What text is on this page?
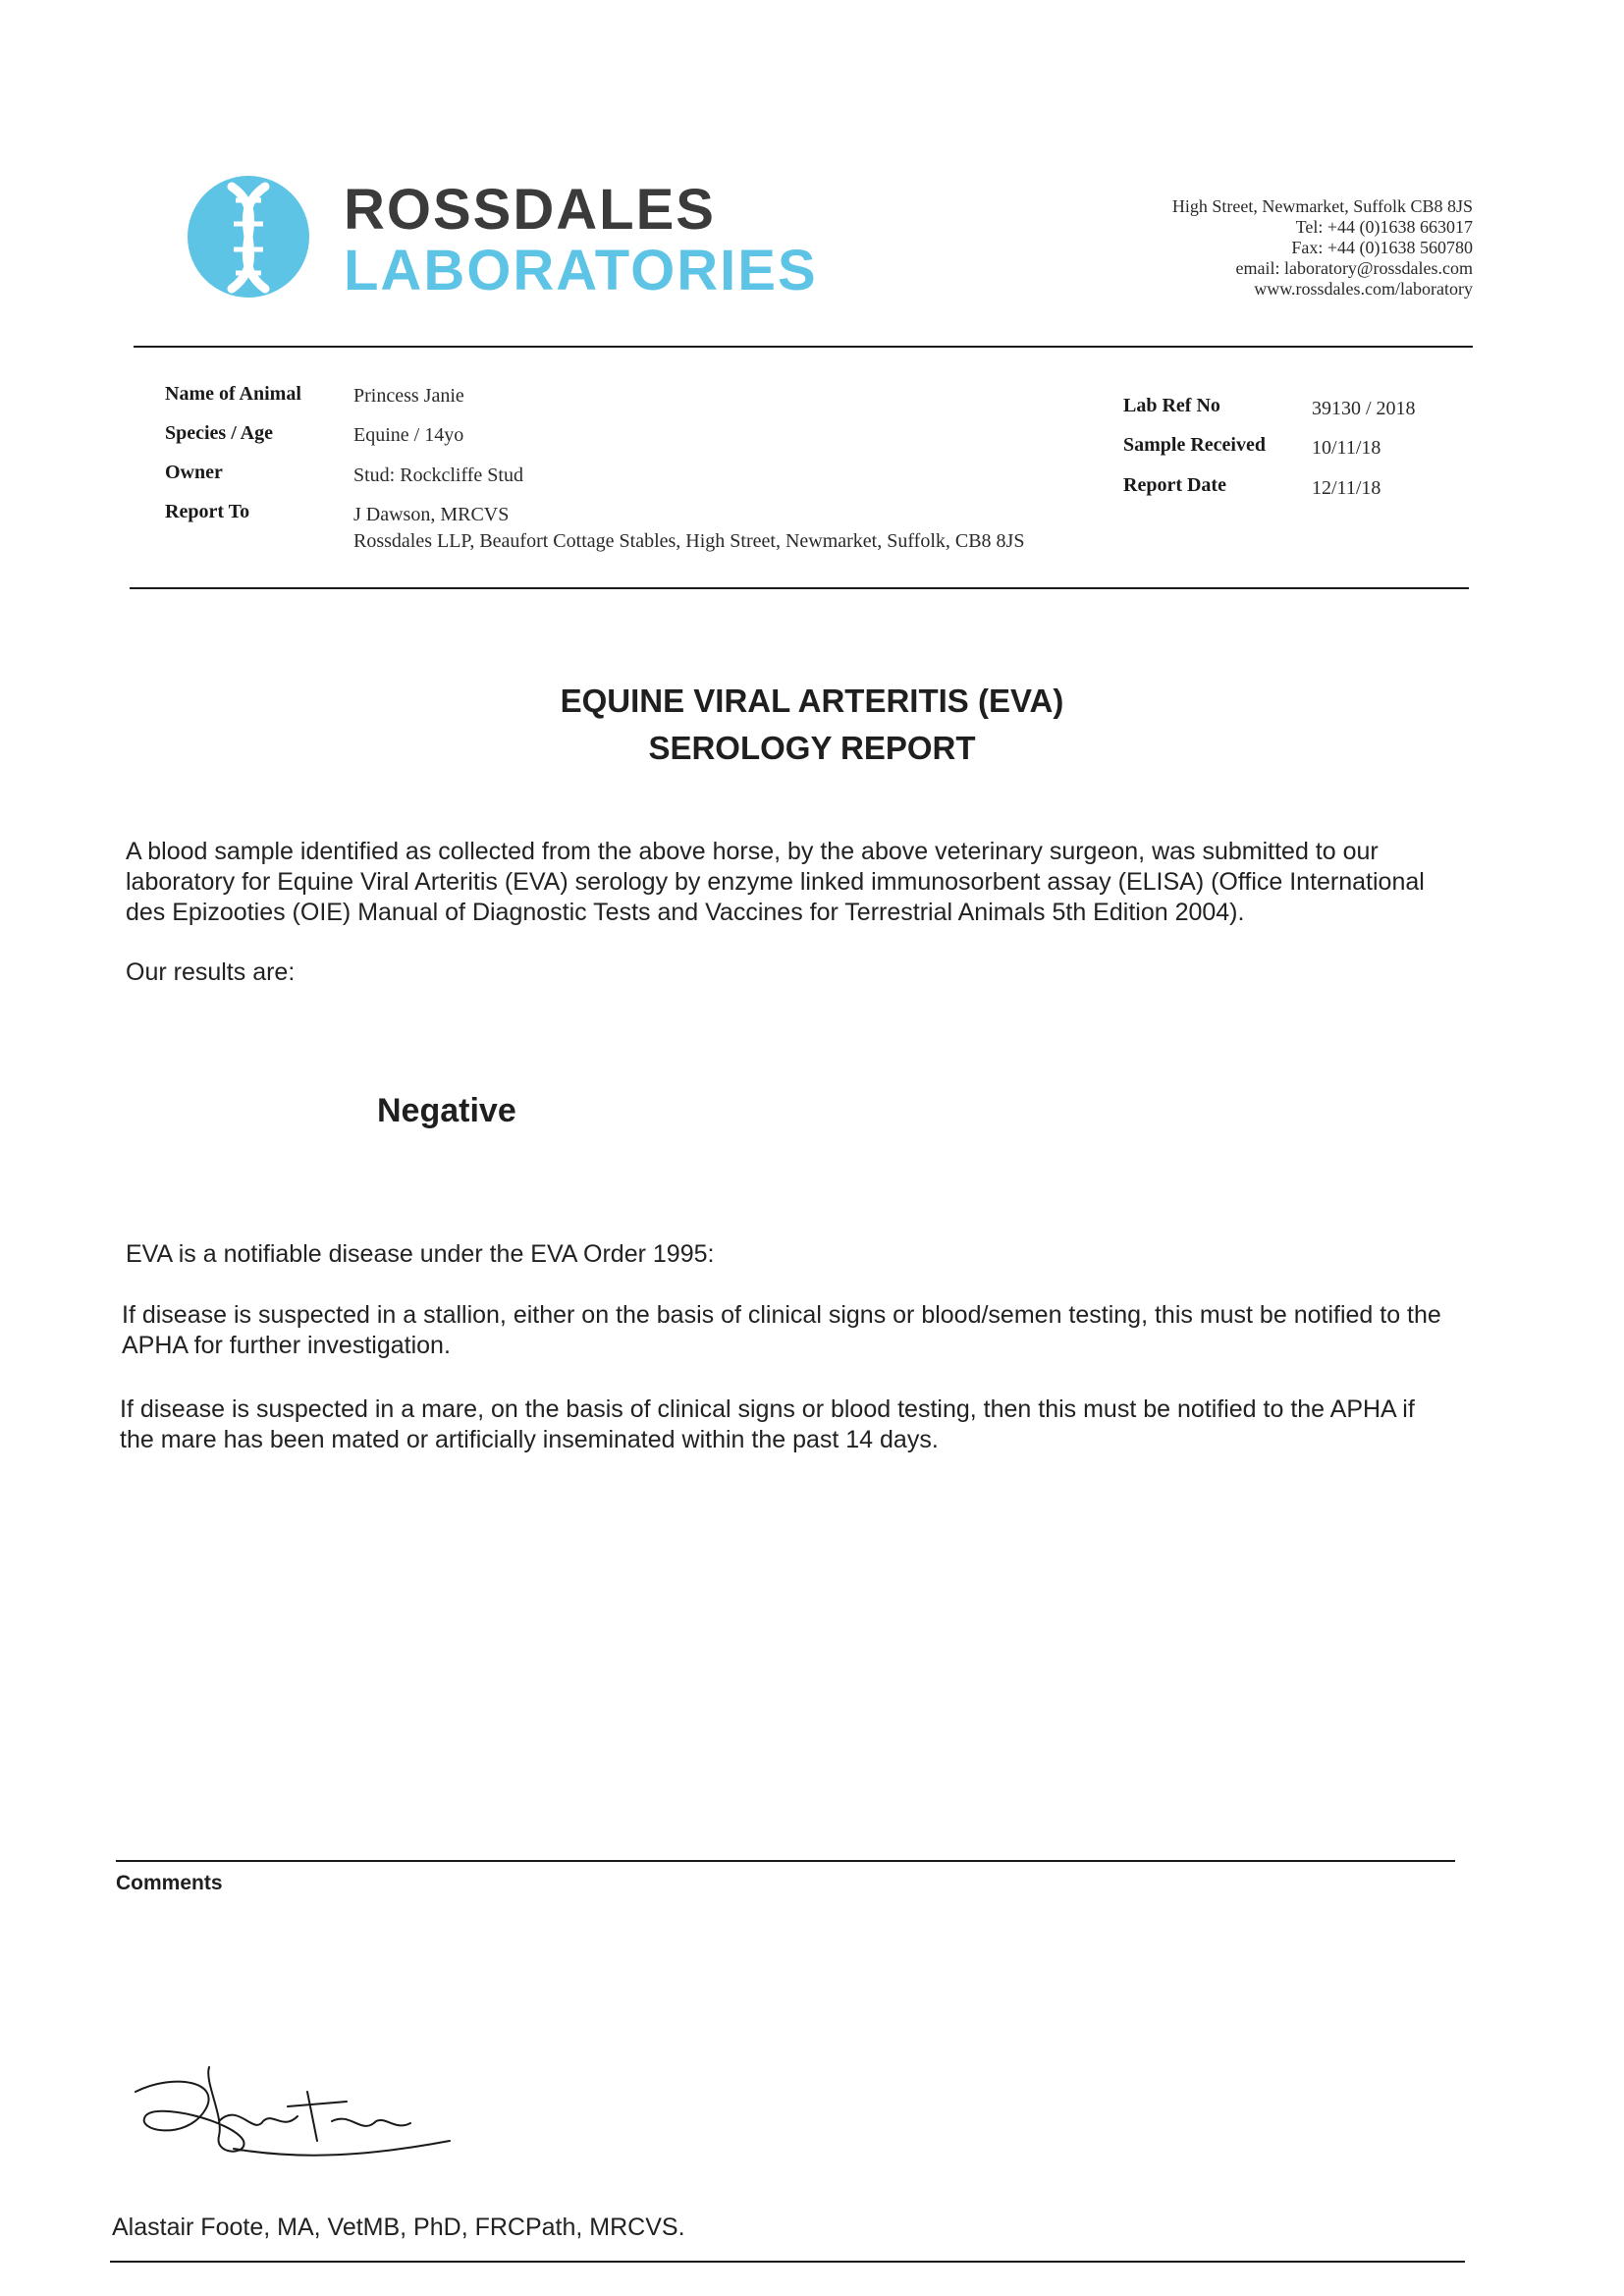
ROSSDALES
LABORATORIES
High Street, Newmarket, Suffolk CB8 8JS
Tel: +44 (0)1638 663017
Fax: +44 (0)1638 560780
email: laboratory@rossdales.com
www.rossdales.com/laboratory
Name of Animal	Princess Janie
Species / Age	Equine / 14yo
Owner	Stud: Rockcliffe Stud
Report To	J Dawson, MRCVS
Rossdales LLP, Beaufort Cottage Stables, High Street, Newmarket, Suffolk, CB8 8JS
Lab Ref No	39130 / 2018
Sample Received 10/11/18
Report Date	12/11/18
EQUINE VIRAL ARTERITIS (EVA)
SEROLOGY REPORT
A blood sample identified as collected from the above horse, by the above veterinary surgeon, was submitted to our laboratory for Equine Viral Arteritis (EVA) serology by enzyme linked immunosorbent assay (ELISA) (Office International des Epizooties (OIE) Manual of Diagnostic Tests and Vaccines for Terrestrial Animals 5th Edition 2004).
Our results are:
Negative
EVA is a notifiable disease under the EVA Order 1995:
If disease is suspected in a stallion, either on the basis of clinical signs or blood/semen testing, this must be notified to the APHA for further investigation.
If disease is suspected in a mare, on the basis of clinical signs or blood testing, then this must be notified to the APHA if the mare has been mated or artificially inseminated within the past 14 days.
Comments
Alastair Foote, MA, VetMB, PhD, FRCPath, MRCVS.
